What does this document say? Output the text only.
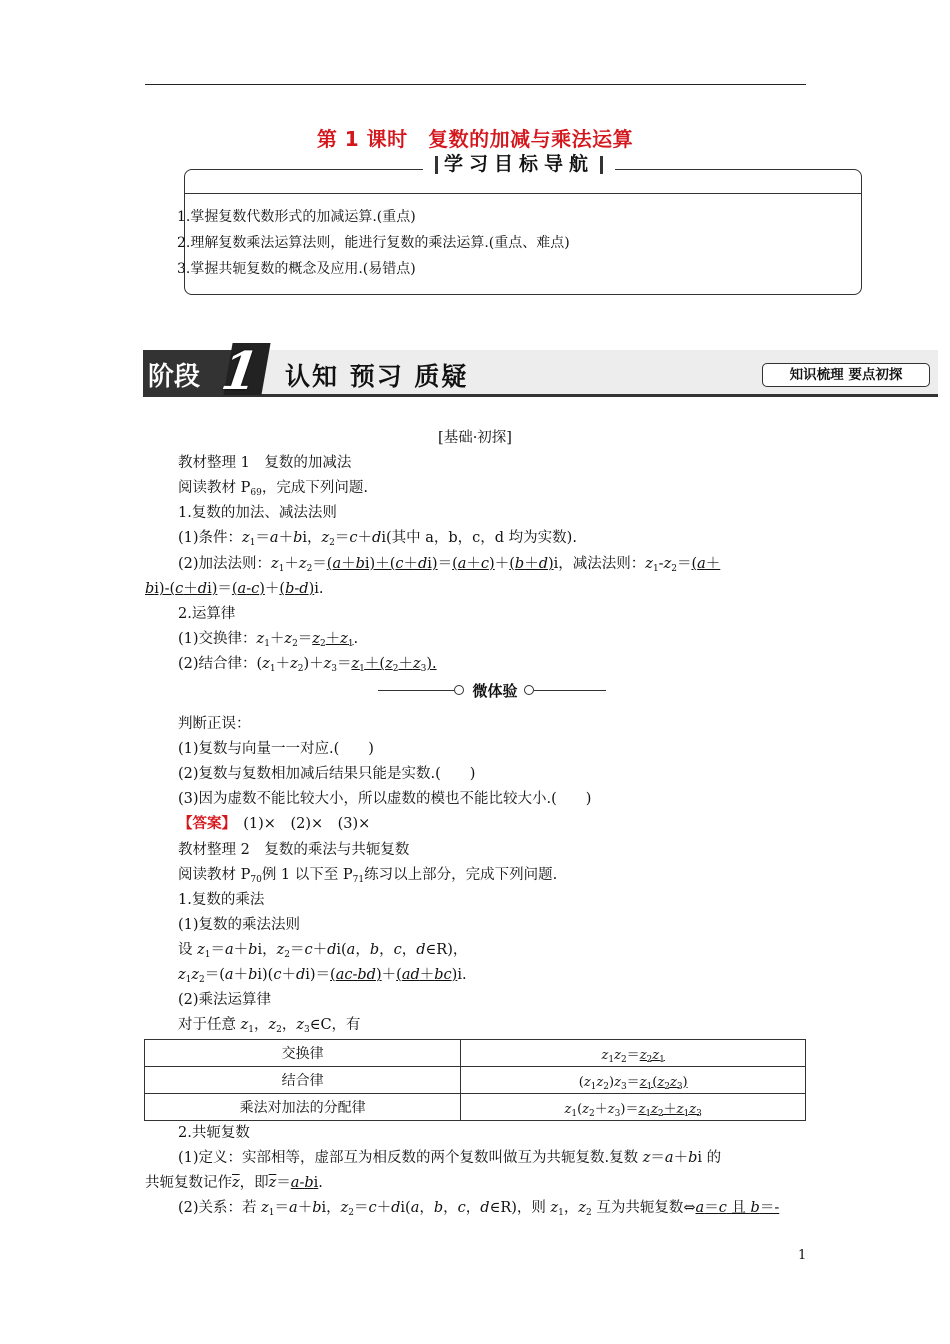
第 1 课时　复数的加减与乘法运算
学习目标导航
1.掌握复数代数形式的加减运算.(重点)
2.理解复数乘法运算法则，能进行复数的乘法运算.(重点、难点)
3.掌握共轭复数的概念及应用.(易错点)
阶段 1 认知 预习 质疑	知识梳理 要点初探
[基础·初探]
教材整理 1　复数的加减法
阅读教材 $P_{69}$，完成下列问题.
1.复数的加法、减法法则
(1)条件：$z_1=a+bi$，$z_2=c+di$(其中 a，b，c，d 均为实数).
(2)加法法则：$z_1+z_2=(a+bi)+(c+di)=(a+c)+(b+d)i$，减法法则：$z_1-z_2=(a+$
bi)-(c＋di)＝(a-c)＋(b-d)i.
2.运算律
(1)交换律：$z_1+z_2=z_2+z_1$.
(2)结合律：$(z_1+z_2)+z_3=z_1+(z_2+z_3)$.
微体验
判断正误：
(1)复数与向量一一对应.(　　)
(2)复数与复数相加减后结果只能是实数.(　　)
(3)因为虚数不能比较大小，所以虚数的模也不能比较大小.(　　)
【答案】　 (1)×　(2)×　(3)×
教材整理 2　复数的乘法与共轭复数
阅读教材 $P_{70}$例 1 以下至 $P_{71}$练习以上部分，完成下列问题.
1.复数的乘法
(1)复数的乘法法则
设 $z_1=a+bi$，$z_2=c+di(a$，b，c，d∈R)，
$z_1z_2=(a+bi)(c+di)=(ac-bd)+(ad+bc)i$.
(2)乘法运算律
对于任意 $z_1$，$z_2$，$z_3\in C$，有
交换律	$z_1z_2=z_2z_1$
结合律	$(z_1z_2)z_3=z_1(z_2z_3)$
乘法对加法的分配律	$z_1(z_2+z_3)=z_1z_2+z_1z_3$
2.共轭复数
(1)定义：实部相等，虚部互为相反数的两个复数叫做互为共轭复数.复数 z＝a＋bi 的
共轭复数记作$\overline{z}$，即$\overline{z}=a-bi$.
(2)关系：若 $z_1=a+bi$，$z_2=c+di(a$，b，c，d∈R)，则 $z_1$，$z_2$ 互为共轭复数⇔a＝c 且 b＝-
1
